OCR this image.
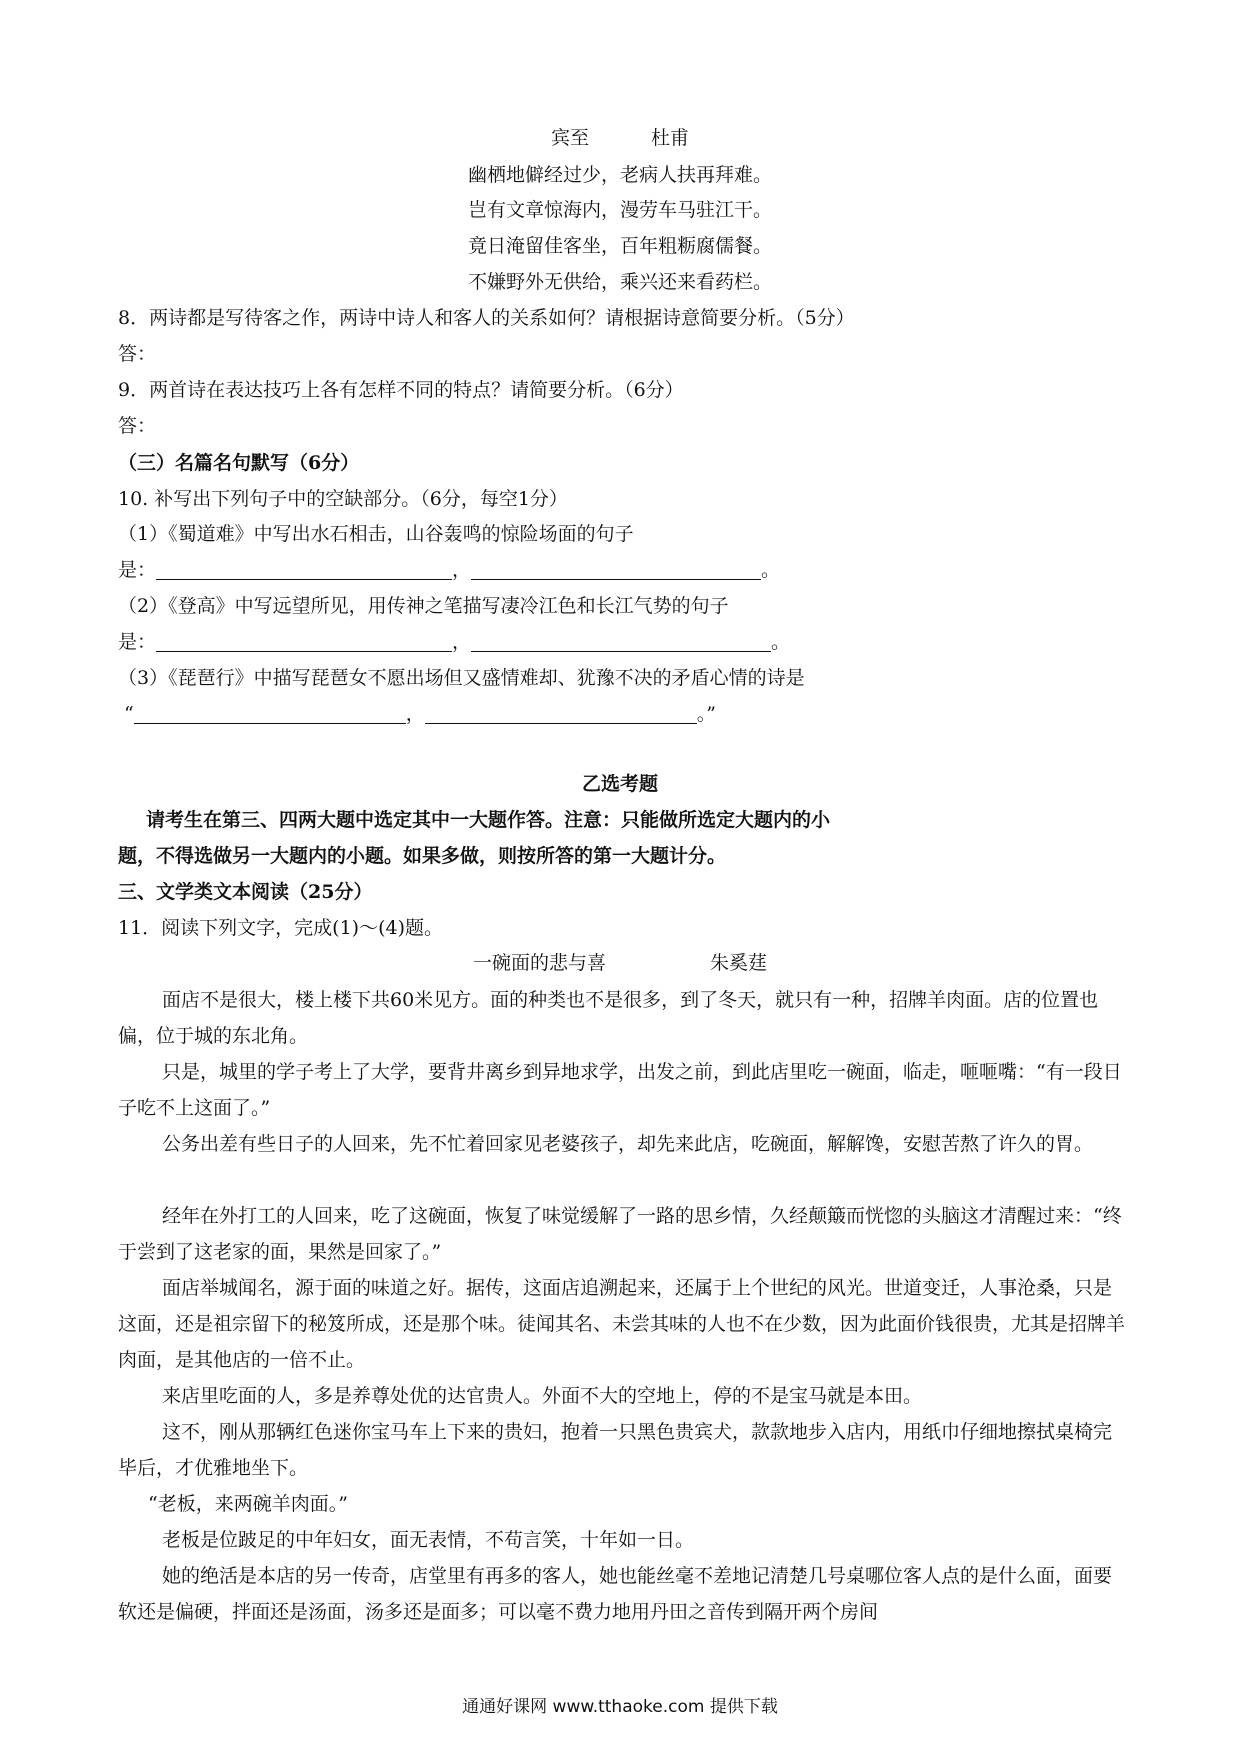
宾至	杜甫
幽栖地僻经过少，老病人扶再拜难。
岂有文章惊海内，漫劳车马驻江干。
竟日淹留佳客坐，百年粗粝腐儒餐。
不嫌野外无供给，乘兴还来看药栏。
8．两诗都是写待客之作，两诗中诗人和客人的关系如何？请根据诗意简要分析。（5分）
答：
9．两首诗在表达技巧上各有怎样不同的特点？请简要分析。（6分）
答：
（三）名篇名句默写（6分）
10. 补写出下列句子中的空缺部分。（6分，每空1分）
（1）《蜀道难》中写出水石相击，山谷轰鸣的惊险场面的句子
是：	，	。
（2）《登高》中写远望所见，用传神之笔描写凄冷江色和长江气势的句子
是：	，	。
（3）《琵琶行》中描写琵琶女不愿出场但又盛情难却、犹豫不决的矛盾心情的诗是
“	，	。”
乙选考题
请考生在第三、四两大题中选定其中一大题作答。注意：只能做所选定大题内的小
题，不得选做另一大题内的小题。如果多做，则按所答的第一大题计分。
三、文学类文本阅读（25分）
11．阅读下列文字，完成(1)～(4)题。
一碗面的悲与喜	朱奚莛
面店不是很大，楼上楼下共60米见方。面的种类也不是很多，到了冬天，就只有一种，招牌羊肉面。店的位置也偏，位于城的东北角。
只是，城里的学子考上了大学，要背井离乡到异地求学，出发之前，到此店里吃一碗面，临走，咂咂嘴：“有一段日子吃不上这面了。”
公务出差有些日子的人回来，先不忙着回家见老婆孩子，却先来此店，吃碗面，解解馋，安慰苦熬了许久的胃。
经年在外打工的人回来，吃了这碗面，恢复了味觉缓解了一路的思乡情，久经颠簸而恍惚的头脑这才清醒过来：“终于尝到了这老家的面，果然是回家了。”
面店举城闻名，源于面的味道之好。据传，这面店追溯起来，还属于上个世纪的风光。世道变迁，人事沧桑，只是这面，还是祖宗留下的秘笈所成，还是那个味。徒闻其名、未尝其味的人也不在少数，因为此面价钱很贵，尤其是招牌羊肉面，是其他店的一倍不止。
来店里吃面的人，多是养尊处优的达官贵人。外面不大的空地上，停的不是宝马就是本田。
这不，刚从那辆红色迷你宝马车上下来的贵妇，抱着一只黑色贵宾犬，款款地步入店内，用纸巾仔细地擦拭桌椅完毕后，才优雅地坐下。
“老板，来两碗羊肉面。”
老板是位跛足的中年妇女，面无表情，不苟言笑，十年如一日。
她的绝活是本店的另一传奇，店堂里有再多的客人，她也能丝毫不差地记清楚几号桌哪位客人点的是什么面，面要软还是偏硬，拌面还是汤面，汤多还是面多；可以毫不费力地用丹田之音传到隔开两个房间
通通好课网 www.tthaoke.com 提供下载
